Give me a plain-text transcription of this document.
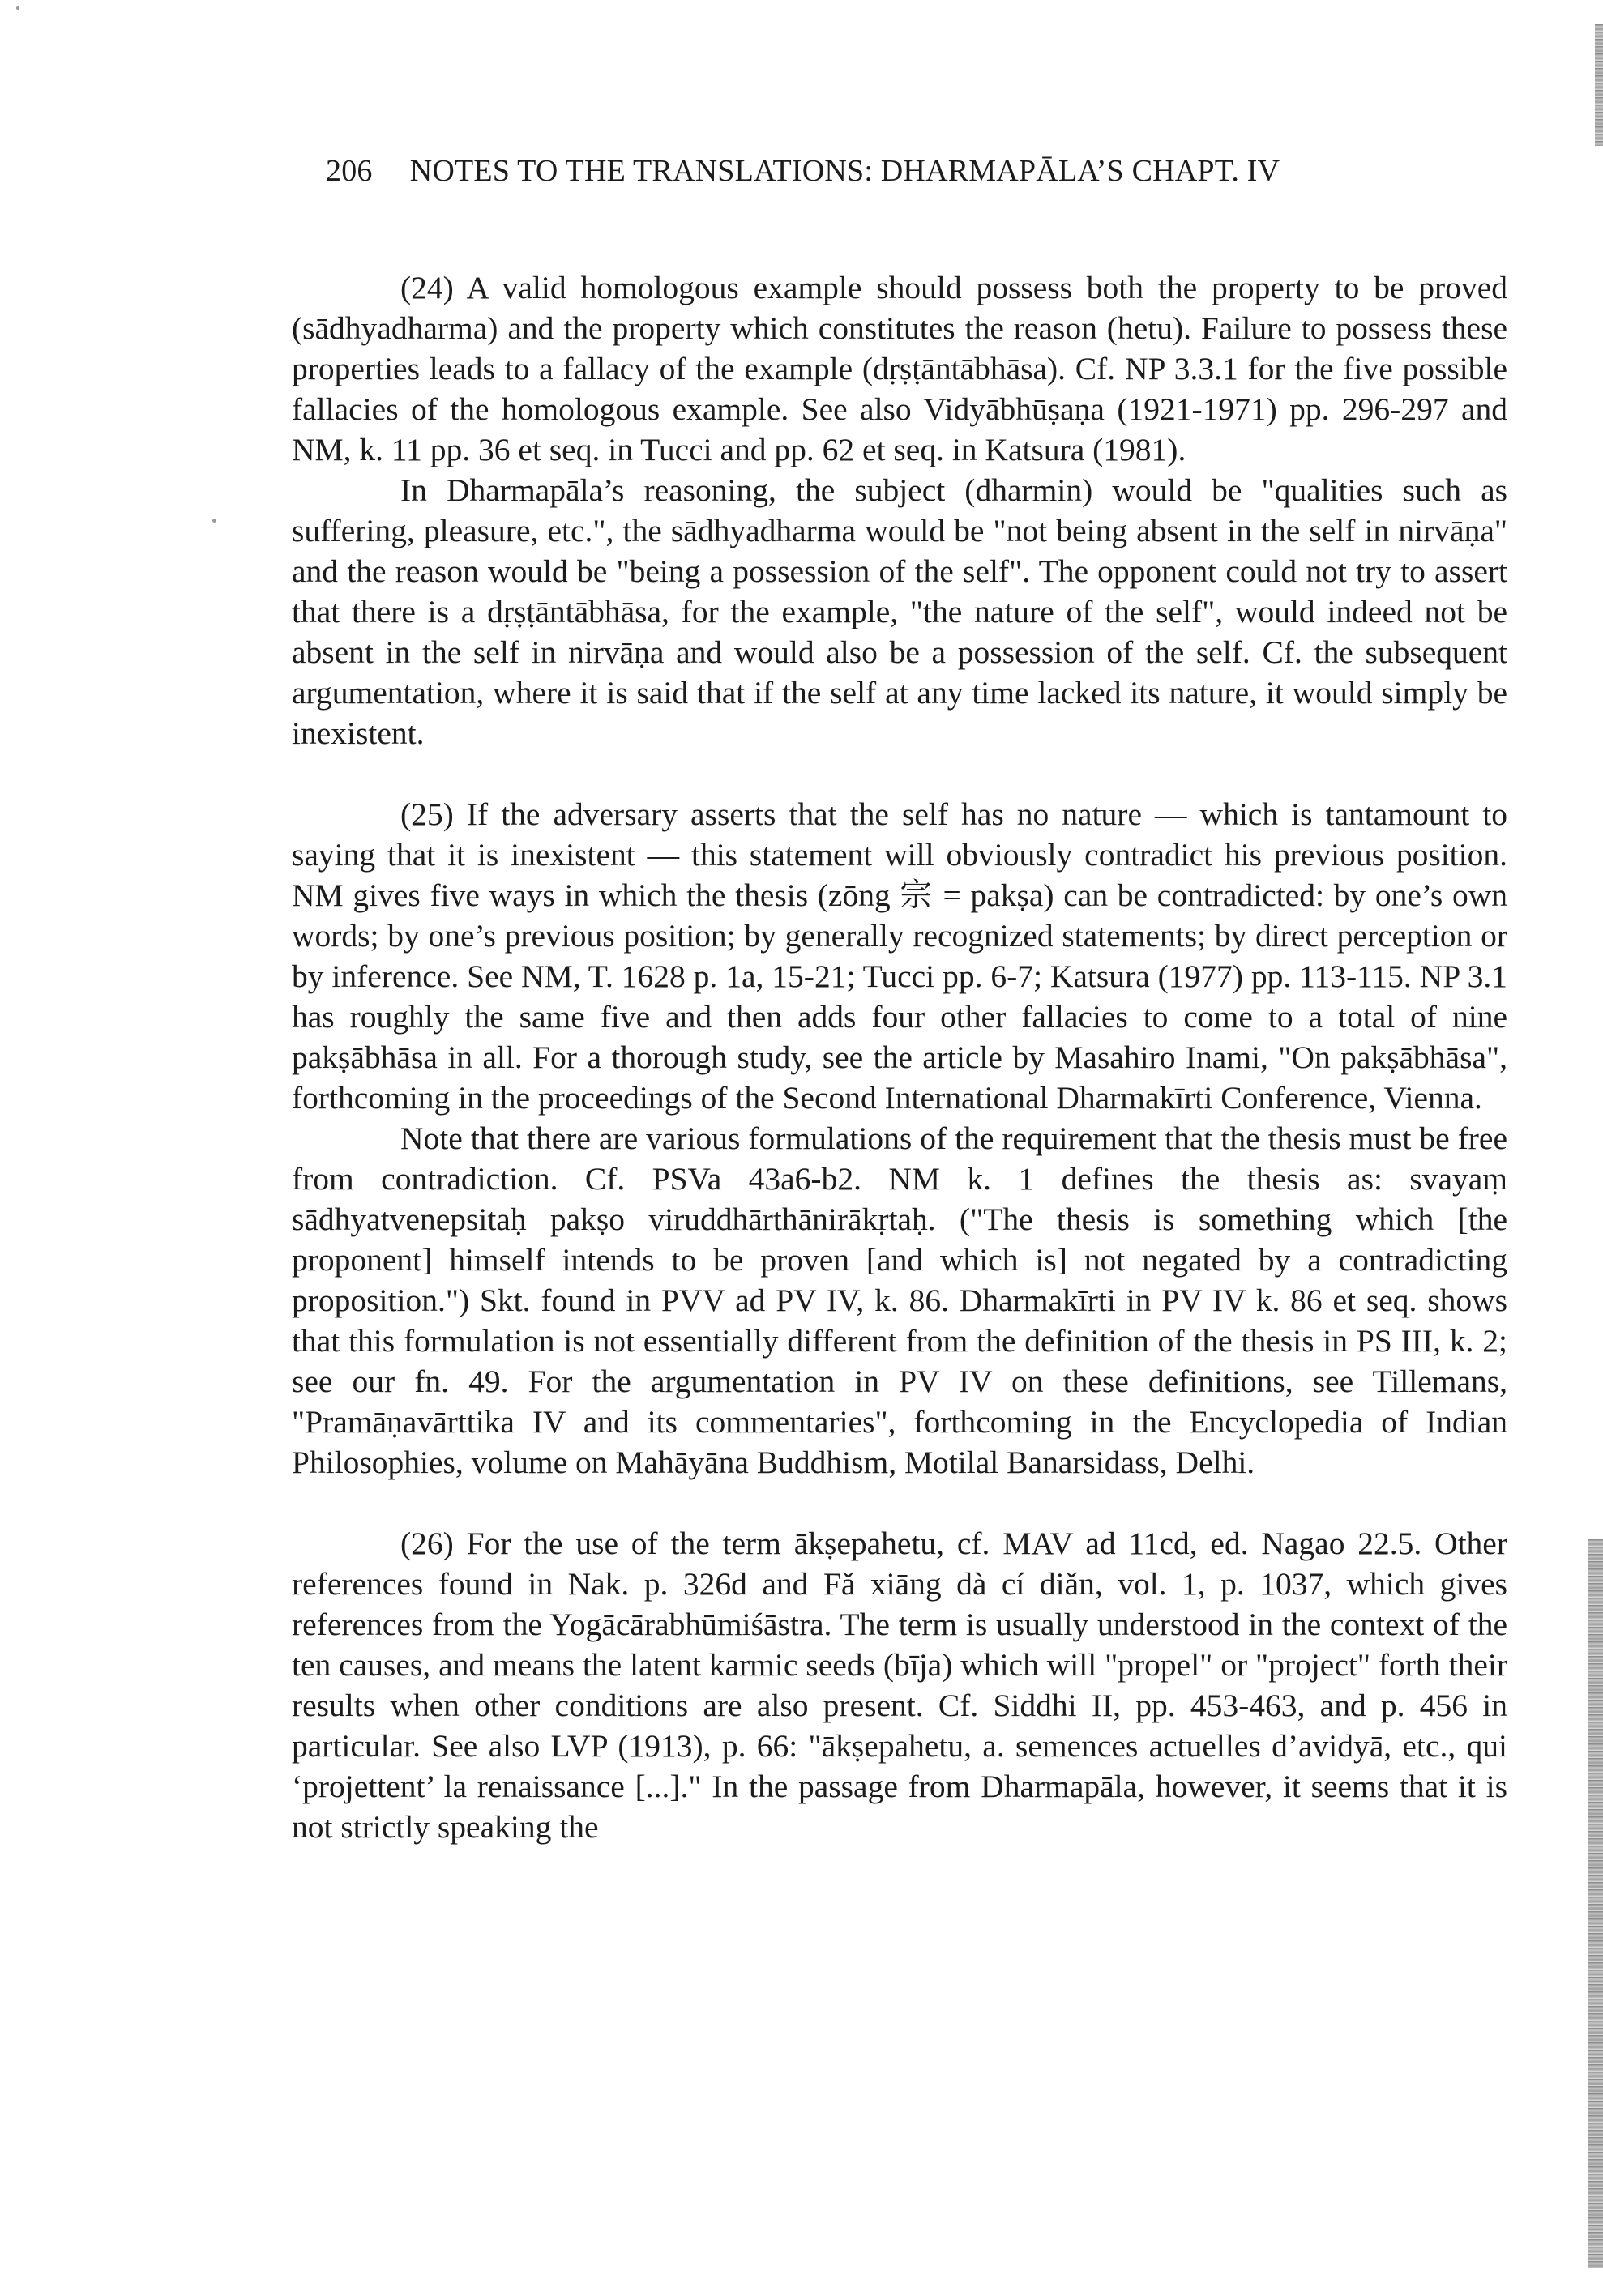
206 NOTES TO THE TRANSLATIONS: DHARMAPĀLA’S CHAPT. IV

(24) A valid homologous example should possess both the property to be proved (sādhyadharma) and the property which constitutes the reason (hetu). Failure to possess these properties leads to a fallacy of the example (dṛṣṭāntābhāsa). Cf. NP 3.3.1 for the five possible fallacies of the homologous example. See also Vidyābhūṣaṇa (1921-1971) pp. 296-297 and NM, k. 11 pp. 36 et seq. in Tucci and pp. 62 et seq. in Katsura (1981).

In Dharmapāla’s reasoning, the subject (dharmin) would be "qualities such as suffering, pleasure, etc.", the sādhyadharma would be "not being absent in the self in nirvāṇa" and the reason would be "being a possession of the self". The opponent could not try to assert that there is a dṛṣṭāntābhāsa, for the example, "the nature of the self", would indeed not be absent in the self in nirvāṇa and would also be a possession of the self. Cf. the subsequent argumentation, where it is said that if the self at any time lacked its nature, it would simply be inexistent.

(25) If the adversary asserts that the self has no nature — which is tantamount to saying that it is inexistent — this statement will obviously contradict his previous position. NM gives five ways in which the thesis (zōng 宗 = pakṣa) can be contradicted: by one’s own words; by one’s previous position; by generally recognized statements; by direct perception or by inference. See NM, T. 1628 p. 1a, 15-21; Tucci pp. 6-7; Katsura (1977) pp. 113-115. NP 3.1 has roughly the same five and then adds four other fallacies to come to a total of nine pakṣābhāsa in all. For a thorough study, see the article by Masahiro Inami, "On pakṣābhāsa", forthcoming in the proceedings of the Second International Dharmakīrti Conference, Vienna.

Note that there are various formulations of the requirement that the thesis must be free from contradiction. Cf. PSVa 43a6-b2. NM k. 1 defines the thesis as: svayaṃ sādhyatvenepsitaḥ pakṣo viruddhārthānirākṛtaḥ. ("The thesis is something which [the proponent] himself intends to be proven [and which is] not negated by a contradicting proposition.") Skt. found in PVV ad PV IV, k. 86. Dharmakīrti in PV IV k. 86 et seq. shows that this formulation is not essentially different from the definition of the thesis in PS III, k. 2; see our fn. 49. For the argumentation in PV IV on these definitions, see Tillemans, "Pramāṇavārttika IV and its commentaries", forthcoming in the Encyclopedia of Indian Philosophies, volume on Mahāyāna Buddhism, Motilal Banarsidass, Delhi.

(26) For the use of the term ākṣepahetu, cf. MAV ad 11cd, ed. Nagao 22.5. Other references found in Nak. p. 326d and Fǎ xiāng dà cí diǎn, vol. 1, p. 1037, which gives references from the Yogācārabhūmiśāstra. The term is usually understood in the context of the ten causes, and means the latent karmic seeds (bīja) which will "propel" or "project" forth their results when other conditions are also present. Cf. Siddhi II, pp. 453-463, and p. 456 in particular. See also LVP (1913), p. 66: "ākṣepahetu, a. semences actuelles d’avidyā, etc., qui ‘projettent’ la renaissance [...]." In the passage from Dharmapāla, however, it seems that it is not strictly speaking the
